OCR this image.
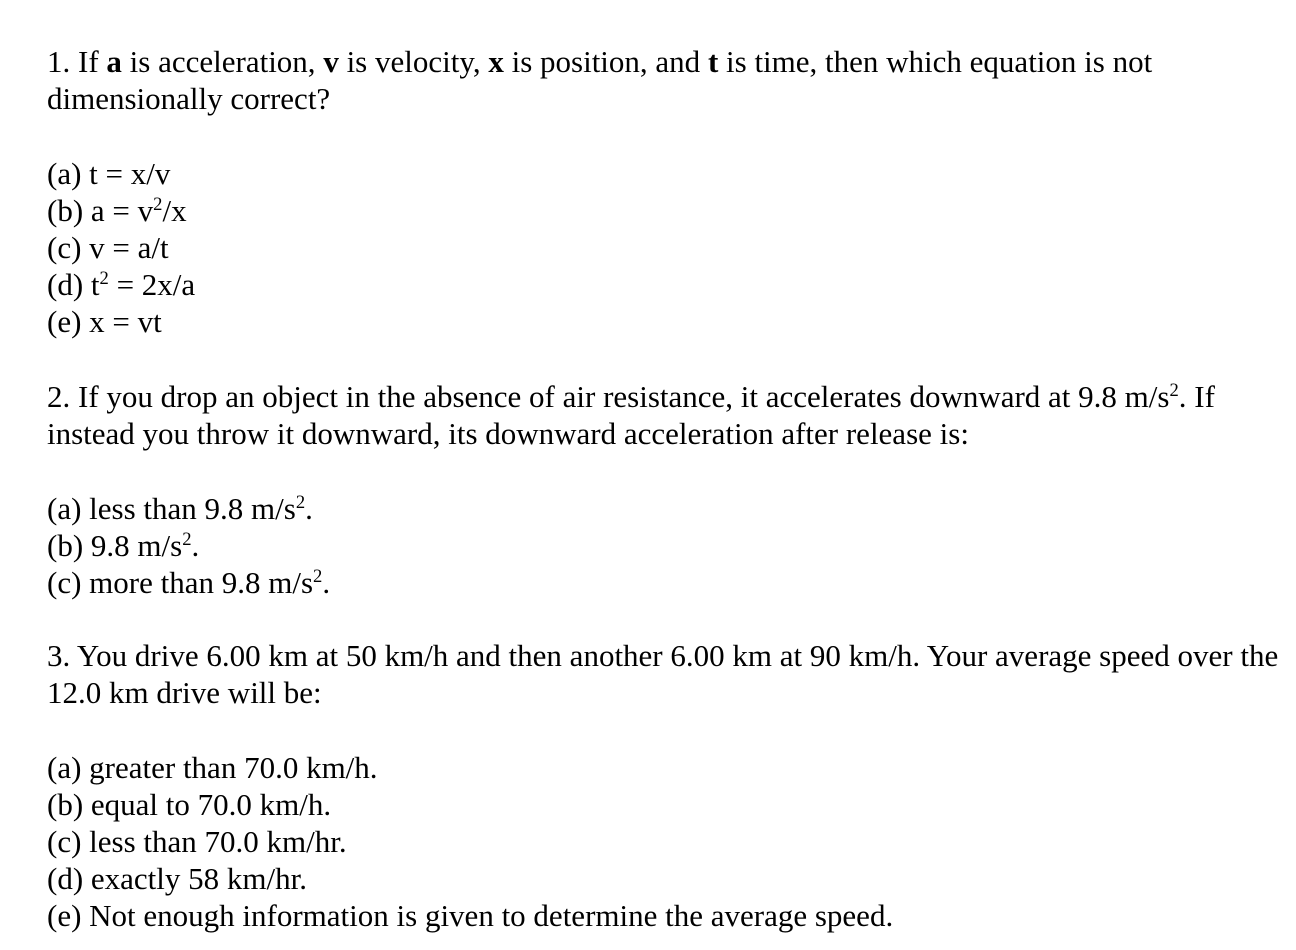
1. If a is acceleration, v is velocity, x is position, and t is time, then which equation is not dimensionally correct?

(a) t = x/v
(b) $a = v^2/x$
(c) v = a/t
(d) $t^2 = 2x/a$
(e) x = vt

2. If you drop an object in the absence of air resistance, it accelerates downward at 9.8 $m/s^2$. If instead you throw it downward, its downward acceleration after release is:

(a) less than 9.8 $m/s^2$.
(b) 9.8 $m/s^2$.
(c) more than 9.8 $m/s^2$.

3. You drive 6.00 km at 50 km/h and then another 6.00 km at 90 km/h. Your average speed over the 12.0 km drive will be:

(a) greater than 70.0 km/h.
(b) equal to 70.0 km/h.
(c) less than 70.0 km/hr.
(d) exactly 58 km/hr.
(e) Not enough information is given to determine the average speed.
